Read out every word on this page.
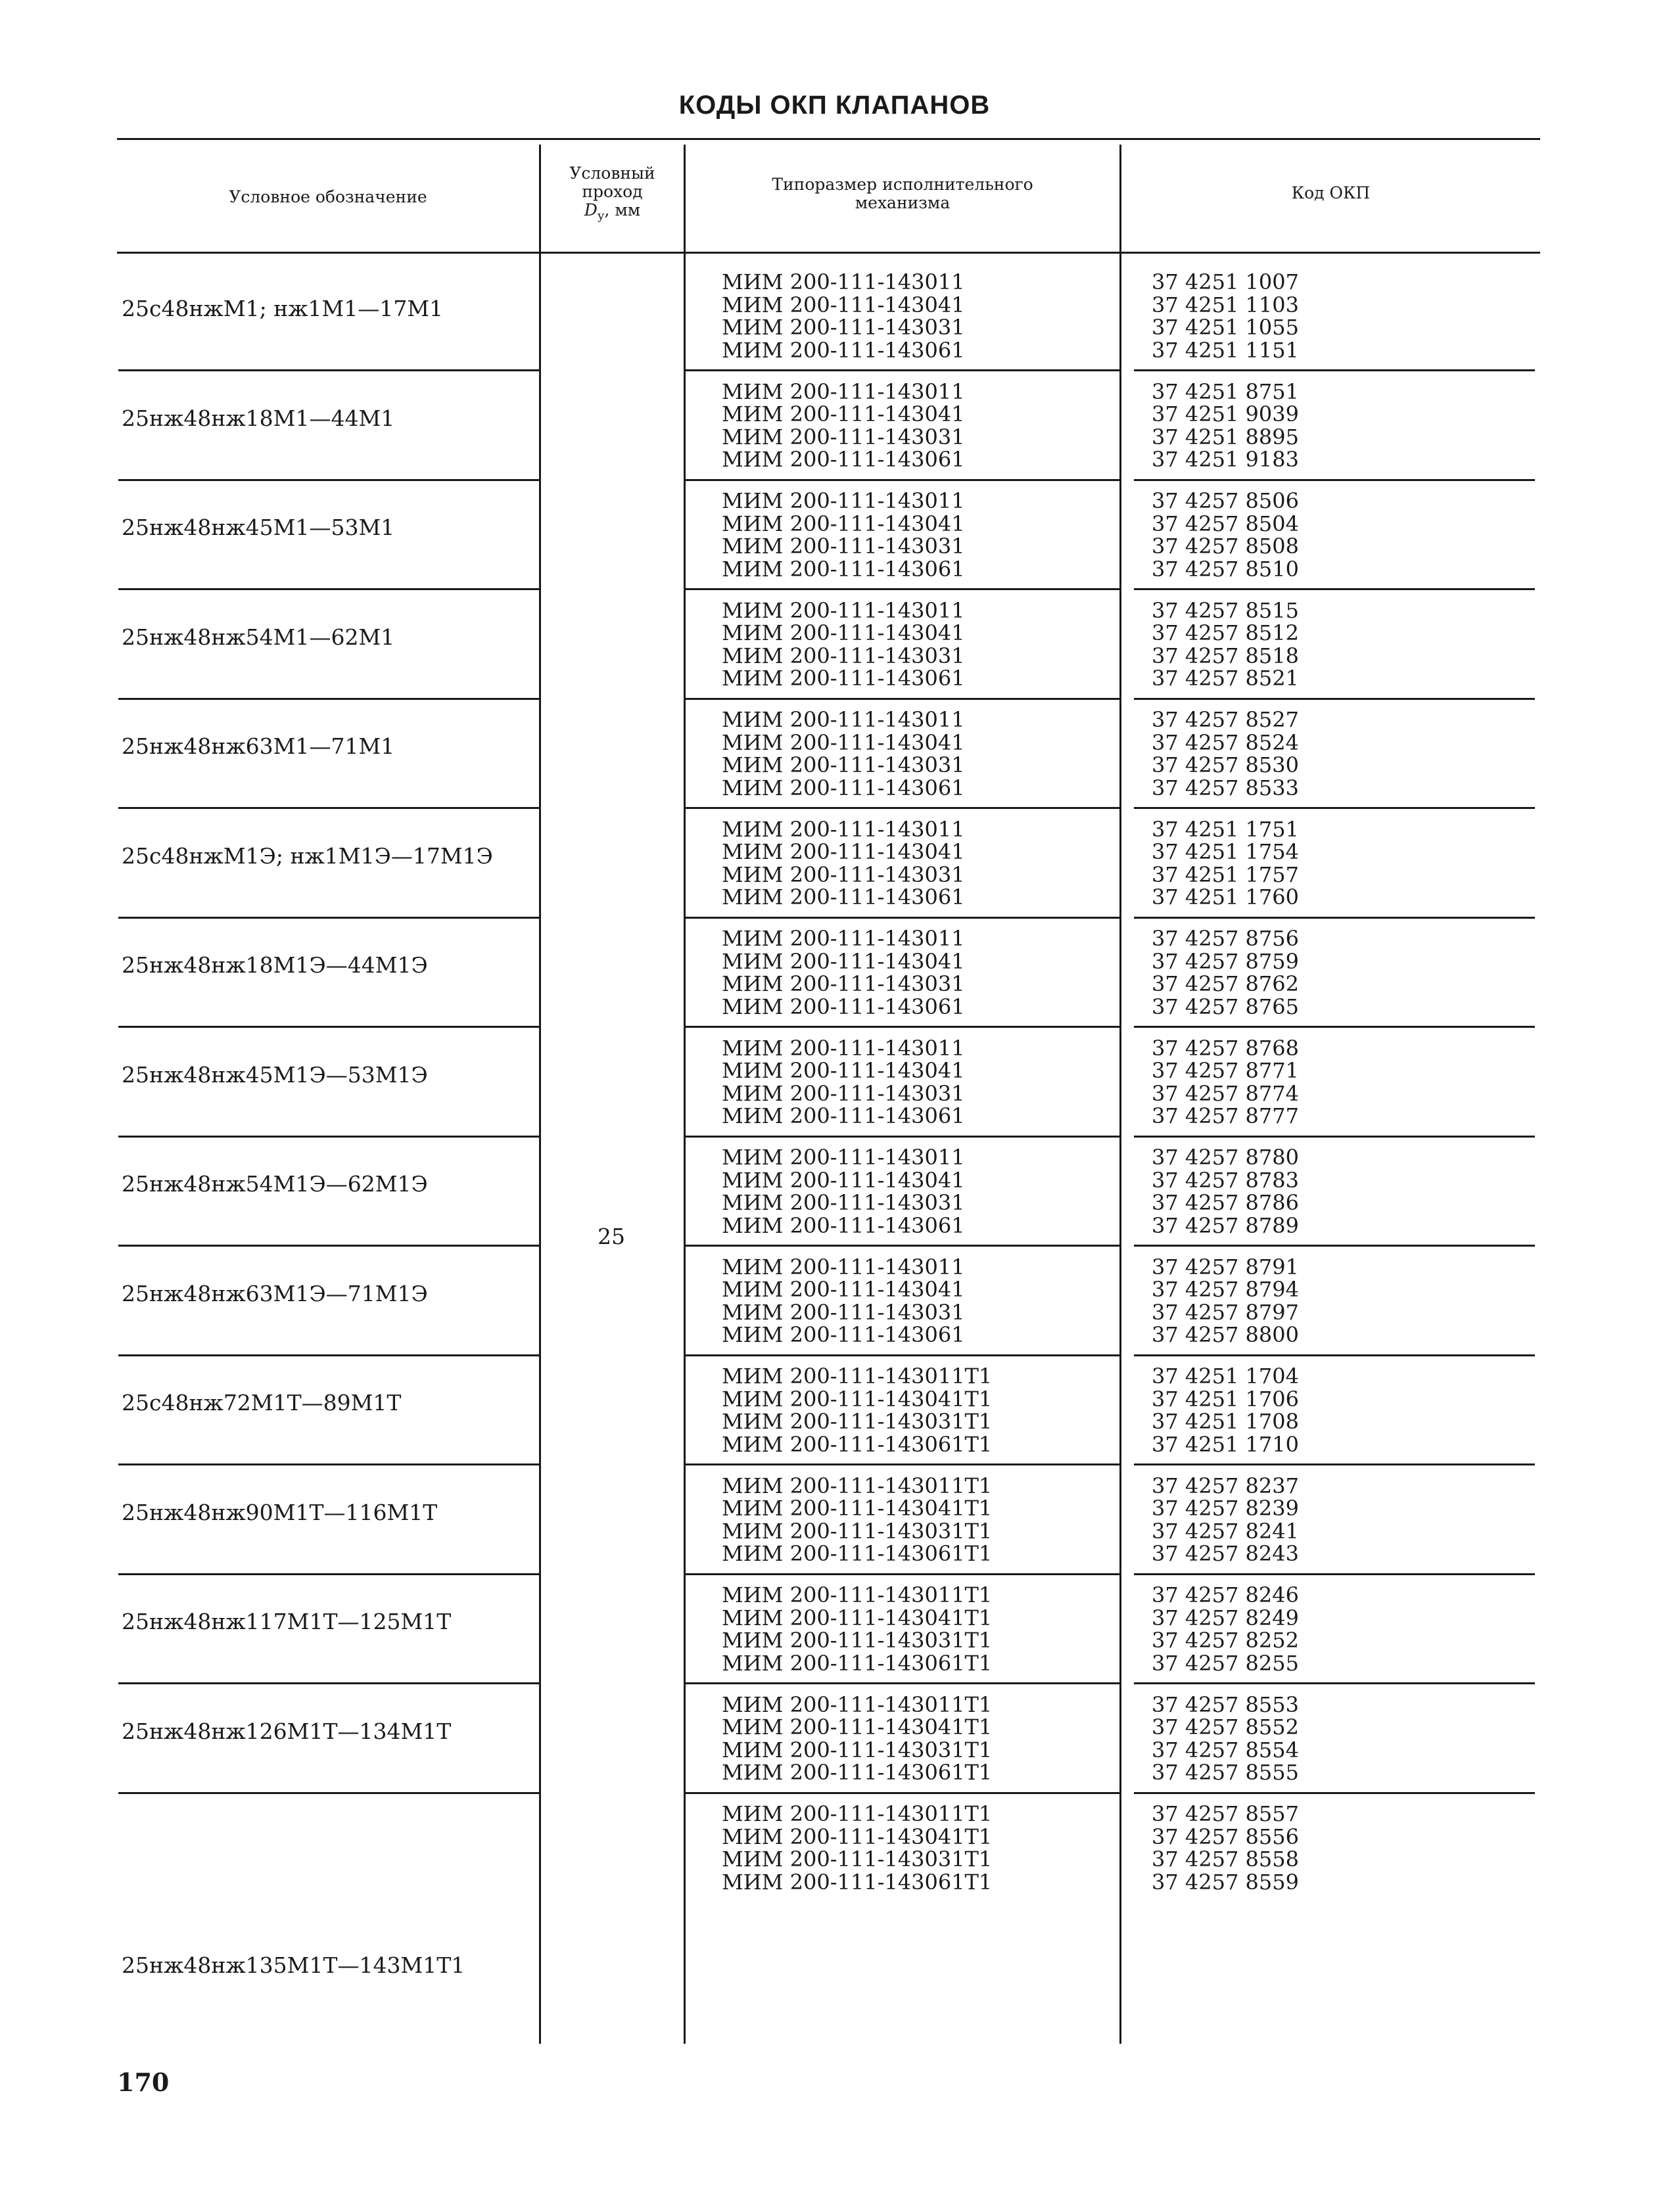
КОДЫ ОКП КЛАПАНОВ
Условное обозначение
Условный
проход
$D_у$, мм
Типоразмер исполнительного
механизма
Код ОКП
25
25с48нжМ1; нж1М1—17М1
МИМ 200-111-143011
МИМ 200-111-143041
МИМ 200-111-143031
МИМ 200-111-143061
37 4251 1007
37 4251 1103
37 4251 1055
37 4251 1151
25нж48нж18М1—44М1
МИМ 200-111-143011
МИМ 200-111-143041
МИМ 200-111-143031
МИМ 200-111-143061
37 4251 8751
37 4251 9039
37 4251 8895
37 4251 9183
25нж48нж45М1—53М1
МИМ 200-111-143011
МИМ 200-111-143041
МИМ 200-111-143031
МИМ 200-111-143061
37 4257 8506
37 4257 8504
37 4257 8508
37 4257 8510
25нж48нж54М1—62М1
МИМ 200-111-143011
МИМ 200-111-143041
МИМ 200-111-143031
МИМ 200-111-143061
37 4257 8515
37 4257 8512
37 4257 8518
37 4257 8521
25нж48нж63М1—71М1
МИМ 200-111-143011
МИМ 200-111-143041
МИМ 200-111-143031
МИМ 200-111-143061
37 4257 8527
37 4257 8524
37 4257 8530
37 4257 8533
25с48нжМ1Э; нж1М1Э—17М1Э
МИМ 200-111-143011
МИМ 200-111-143041
МИМ 200-111-143031
МИМ 200-111-143061
37 4251 1751
37 4251 1754
37 4251 1757
37 4251 1760
25нж48нж18М1Э—44М1Э
МИМ 200-111-143011
МИМ 200-111-143041
МИМ 200-111-143031
МИМ 200-111-143061
37 4257 8756
37 4257 8759
37 4257 8762
37 4257 8765
25нж48нж45М1Э—53М1Э
МИМ 200-111-143011
МИМ 200-111-143041
МИМ 200-111-143031
МИМ 200-111-143061
37 4257 8768
37 4257 8771
37 4257 8774
37 4257 8777
25нж48нж54М1Э—62М1Э
МИМ 200-111-143011
МИМ 200-111-143041
МИМ 200-111-143031
МИМ 200-111-143061
37 4257 8780
37 4257 8783
37 4257 8786
37 4257 8789
25нж48нж63М1Э—71М1Э
МИМ 200-111-143011
МИМ 200-111-143041
МИМ 200-111-143031
МИМ 200-111-143061
37 4257 8791
37 4257 8794
37 4257 8797
37 4257 8800
25с48нж72М1Т—89М1Т
МИМ 200-111-143011Т1
МИМ 200-111-143041Т1
МИМ 200-111-143031Т1
МИМ 200-111-143061Т1
37 4251 1704
37 4251 1706
37 4251 1708
37 4251 1710
25нж48нж90М1Т—116М1Т
МИМ 200-111-143011Т1
МИМ 200-111-143041Т1
МИМ 200-111-143031Т1
МИМ 200-111-143061Т1
37 4257 8237
37 4257 8239
37 4257 8241
37 4257 8243
25нж48нж117М1Т—125М1Т
МИМ 200-111-143011Т1
МИМ 200-111-143041Т1
МИМ 200-111-143031Т1
МИМ 200-111-143061Т1
37 4257 8246
37 4257 8249
37 4257 8252
37 4257 8255
25нж48нж126М1Т—134М1Т
МИМ 200-111-143011Т1
МИМ 200-111-143041Т1
МИМ 200-111-143031Т1
МИМ 200-111-143061Т1
37 4257 8553
37 4257 8552
37 4257 8554
37 4257 8555
25нж48нж135М1Т—143М1Т1
МИМ 200-111-143011Т1
МИМ 200-111-143041Т1
МИМ 200-111-143031Т1
МИМ 200-111-143061Т1
37 4257 8557
37 4257 8556
37 4257 8558
37 4257 8559
170
